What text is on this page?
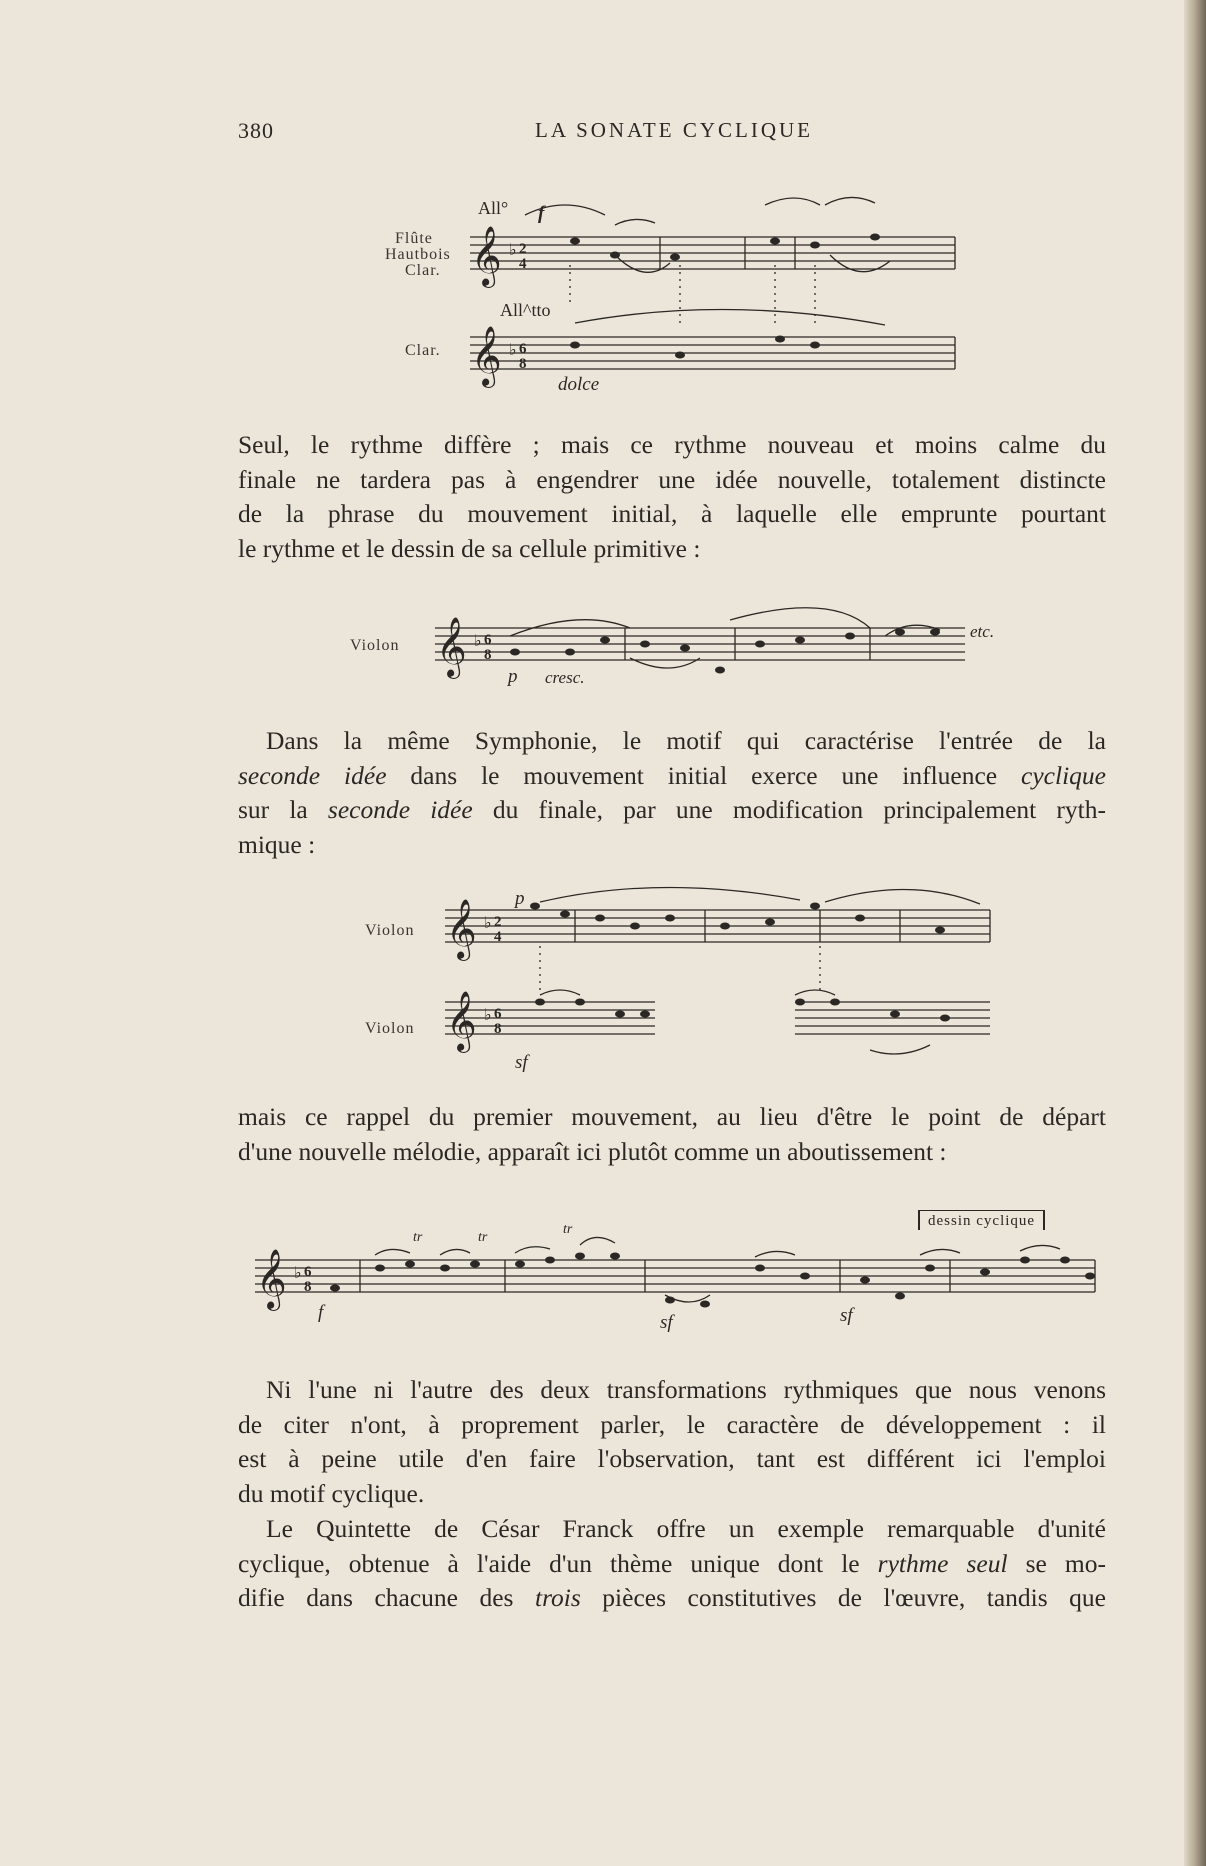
380	LA SONATE CYCLIQUE
Flûte
Hautbois
Clar.
All° f
Clar.
All^tto
dolce
𝄞
𝄞
♭ 2
4
♭ 6
8

Seul, le rythme diffère ; mais ce rythme nouveau et moins calme du
finale ne tardera pas à engendrer une idée nouvelle, totalement distincte
de la phrase du mouvement initial, à laquelle elle emprunte pourtant
le rythme et le dessin de sa cellule primitive :

Violon
p cresc.
etc.
𝄞 ♭ 6
8

Dans la même Symphonie, le motif qui caractérise l'entrée de la
seconde idée dans le mouvement initial exerce une influence cyclique
sur la seconde idée du finale, par une modification principalement ryth-
mique :

Violon
p
Violon
sf
𝄞
𝄞
♭ 2
4
♭ 6
8

mais ce rappel du premier mouvement, au lieu d'être le point de départ
d'une nouvelle mélodie, apparaît ici plutôt comme un aboutissement :

dessin cyclique
f
tr	tr
tr
sf	sf
𝄞 ♭ 6
8

Ni l'une ni l'autre des deux transformations rythmiques que nous venons
de citer n'ont, à proprement parler, le caractère de développement : il
est à peine utile d'en faire l'observation, tant est différent ici l'emploi
du motif cyclique.

Le Quintette de César Franck offre un exemple remarquable d'unité
cyclique, obtenue à l'aide d'un thème unique dont le rythme seul se mo-
difie dans chacune des trois pièces constitutives de l'œuvre, tandis que
